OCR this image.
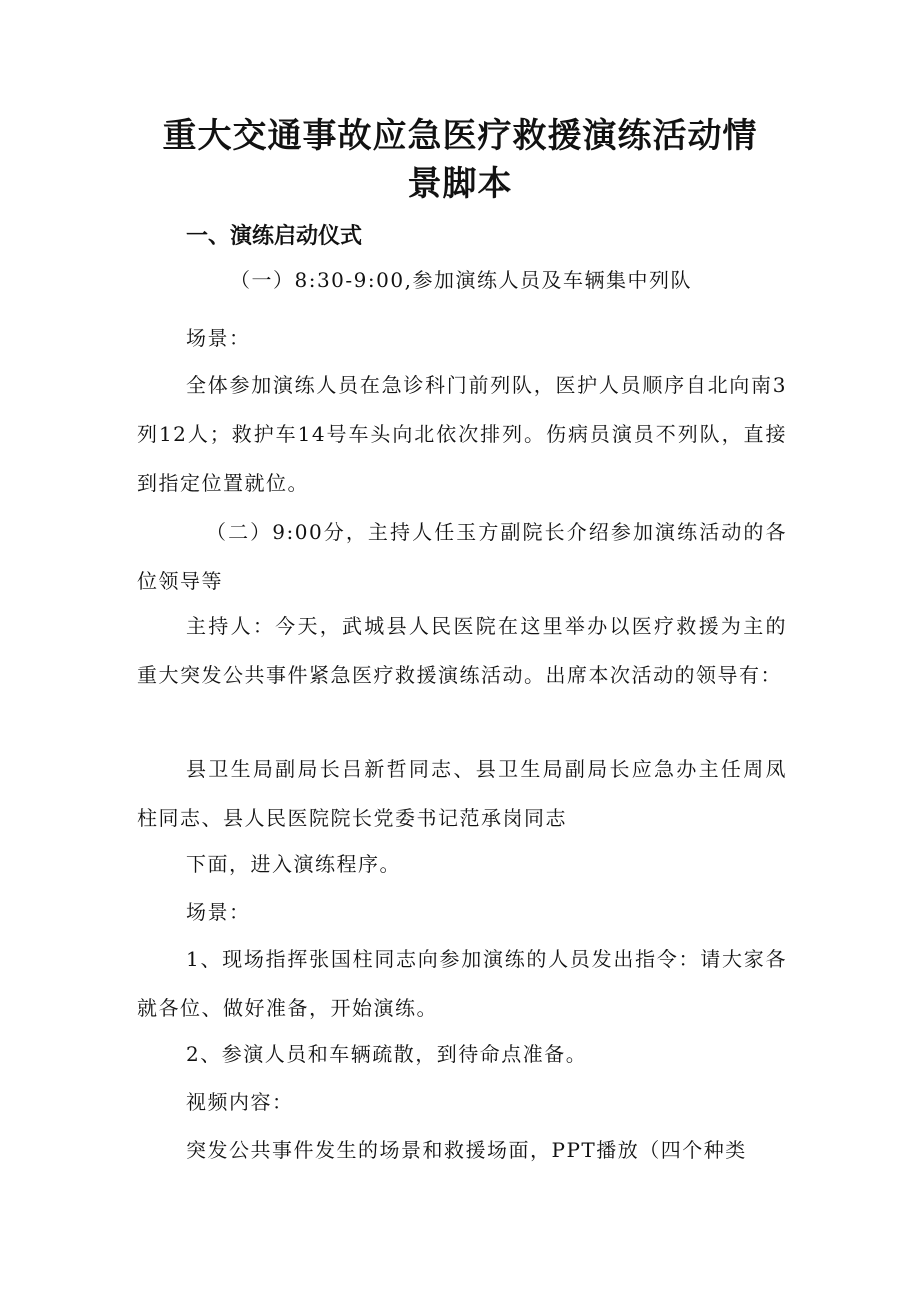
重大交通事故应急医疗救援演练活动情
景脚本
一、演练启动仪式

（一）8:30-9:00,参加演练人员及车辆集中列队

场景：

全体参加演练人员在急诊科门前列队，医护人员顺序自北向南3列12人；救护车14号车头向北依次排列。伤病员演员不列队，直接到指定位置就位。

（二）9:00分，主持人任玉方副院长介绍参加演练活动的各位领导等

主持人：今天，武城县人民医院在这里举办以医疗救援为主的重大突发公共事件紧急医疗救援演练活动。出席本次活动的领导有：

县卫生局副局长吕新哲同志、县卫生局副局长应急办主任周凤柱同志、县人民医院院长党委书记范承岗同志

下面，进入演练程序。

场景：

1、现场指挥张国柱同志向参加演练的人员发出指令：请大家各就各位、做好准备，开始演练。

2、参演人员和车辆疏散，到待命点准备。

视频内容：

突发公共事件发生的场景和救援场面，PPT播放（四个种类
